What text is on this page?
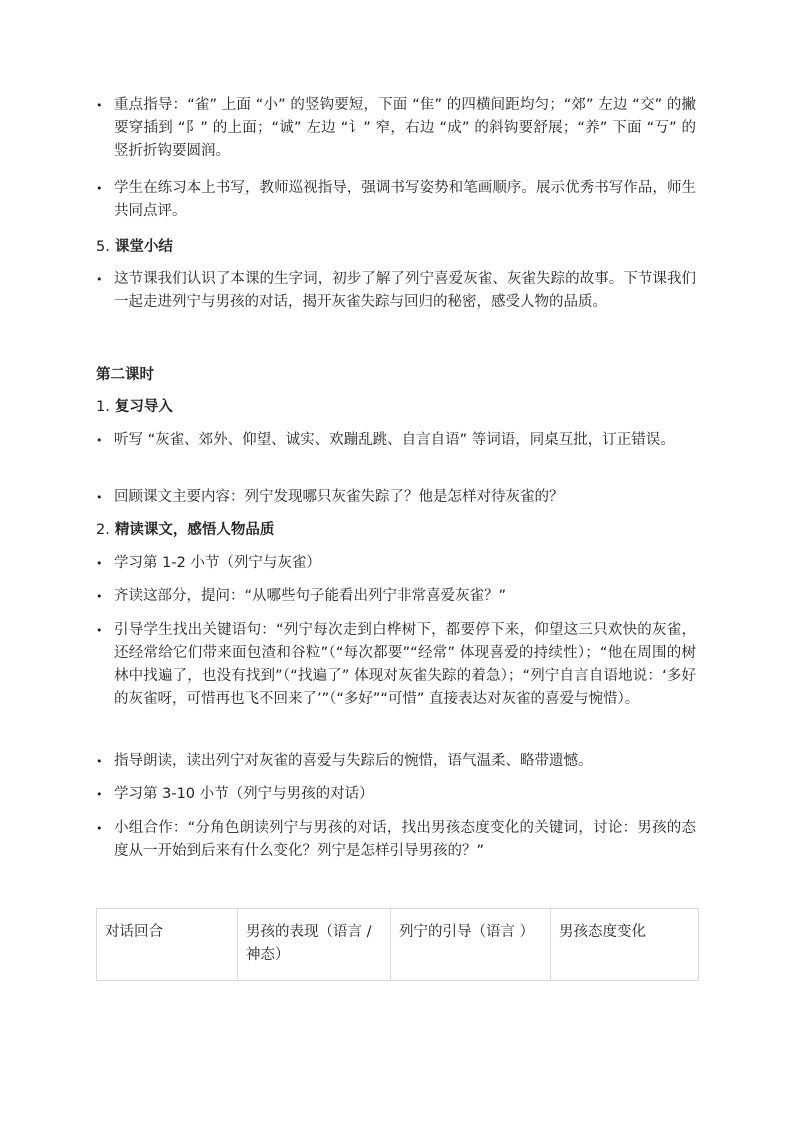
• 重点指导：“雀” 上面 “小” 的竖钩要短，下面 “隹” 的四横间距均匀；“郊” 左边 “交” 的撇要穿插到 “阝” 的上面；“诚” 左边 “讠” 窄，右边 “成” 的斜钩要舒展；“养” 下面 “丂” 的竖折折钩要圆润。
• 学生在练习本上书写，教师巡视指导，强调书写姿势和笔画顺序。展示优秀书写作品，师生共同点评。
5. 课堂小结
• 这节课我们认识了本课的生字词，初步了解了列宁喜爱灰雀、灰雀失踪的故事。下节课我们一起走进列宁与男孩的对话，揭开灰雀失踪与回归的秘密，感受人物的品质。
第二课时
1. 复习导入
• 听写 “灰雀、郊外、仰望、诚实、欢蹦乱跳、自言自语” 等词语，同桌互批，订正错误。
• 回顾课文主要内容：列宁发现哪只灰雀失踪了？他是怎样对待灰雀的？
2. 精读课文，感悟人物品质
• 学习第 1-2 小节（列宁与灰雀）
• 齐读这部分，提问：“从哪些句子能看出列宁非常喜爱灰雀？”
• 引导学生找出关键语句：“列宁每次走到白桦树下，都要停下来，仰望这三只欢快的灰雀，还经常给它们带来面包渣和谷粒”（“每次都要”“经常” 体现喜爱的持续性）；“他在周围的树林中找遍了，也没有找到”（“找遍了” 体现对灰雀失踪的着急）；“列宁自言自语地说：‘多好的灰雀呀，可惜再也飞不回来了’”（“多好”“可惜” 直接表达对灰雀的喜爱与惋惜）。
• 指导朗读，读出列宁对灰雀的喜爱与失踪后的惋惜，语气温柔、略带遗憾。
• 学习第 3-10 小节（列宁与男孩的对话）
• 小组合作：“分角色朗读列宁与男孩的对话，找出男孩态度变化的关键词，讨论：男孩的态度从一开始到后来有什么变化？列宁是怎样引导男孩的？”
对话回合	男孩的表现（语言 / 神态）	列宁的引导（语言 ）	男孩态度变化
